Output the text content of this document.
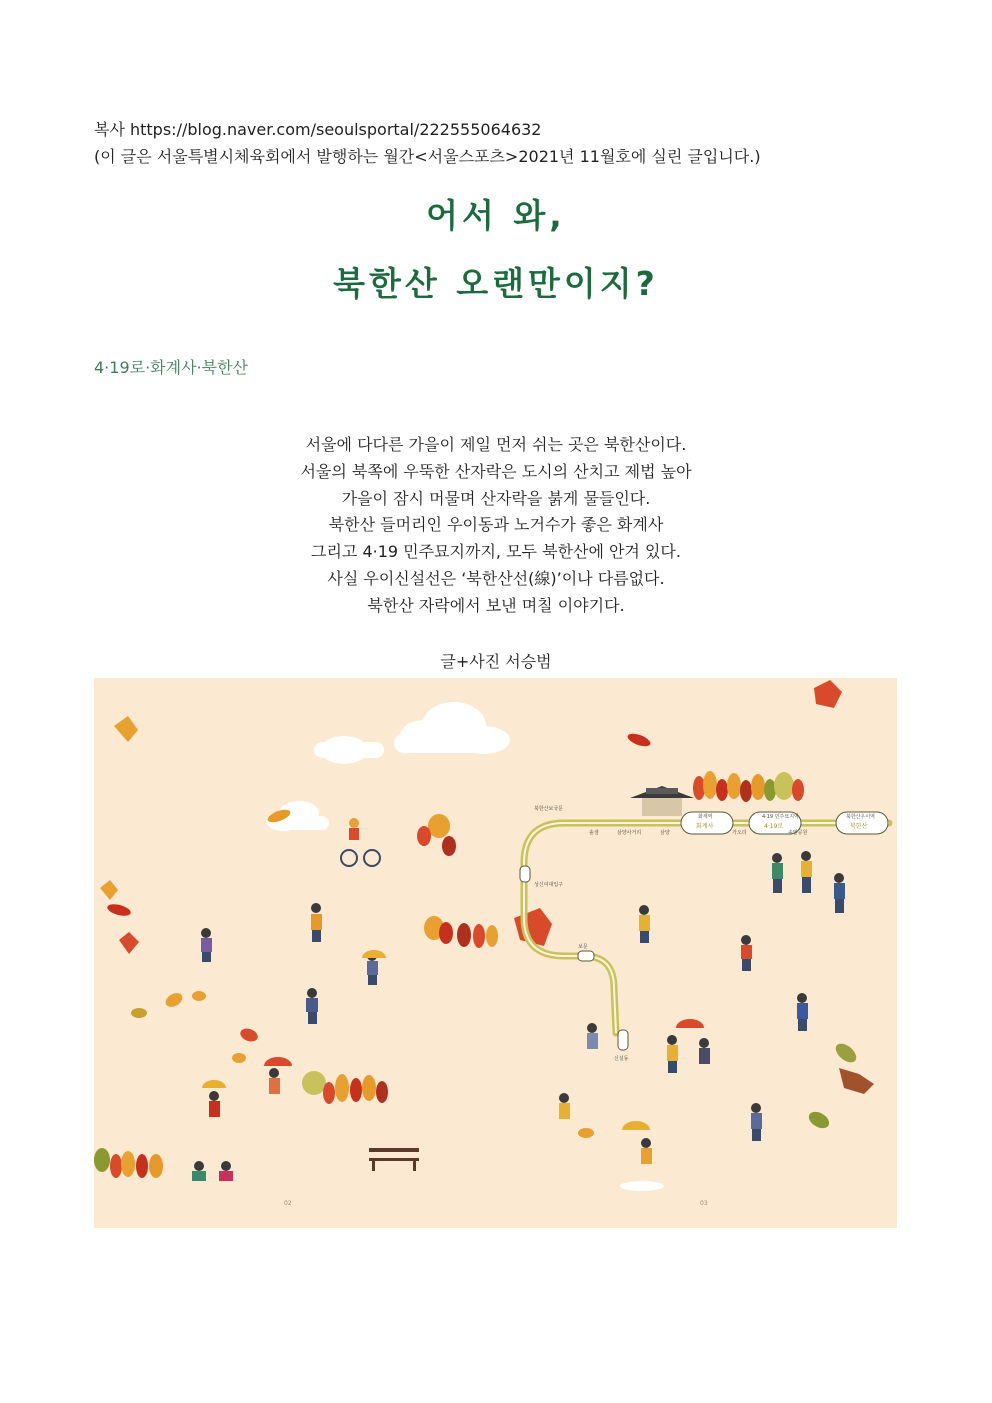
복사 https://blog.naver.com/seoulsportal/222555064632
(이 글은 서울특별시체육회에서 발행하는 월간<서울스포츠>2021년 11월호에 실린 글입니다.)
어서 와,
북한산 오랜만이지?
4·19로·화계사·북한산
서울에 다다른 가을이 제일 먼저 쉬는 곳은 북한산이다.
서울의 북쪽에 우뚝한 산자락은 도시의 산치고 제법 높아
가을이 잠시 머물며 산자락을 붉게 물들인다.
북한산 들머리인 우이동과 노거수가 좋은 화계사
그리고 4·19 민주묘지까지, 모두 북한산에 안겨 있다.
사실 우이신설선은 ‘북한산선(線)’이나 다름없다.
북한산 자락에서 보낸 며칠 이야기다.
글+사진 서승범
북한산보국문
솔샘	삼양사거리	삼양
화계역
가오리
4·19 민주묘지역
솔밭공원
북한산우이역
화계사	4·19로	북한산
성신여대입구
보문
신설동
02	03
